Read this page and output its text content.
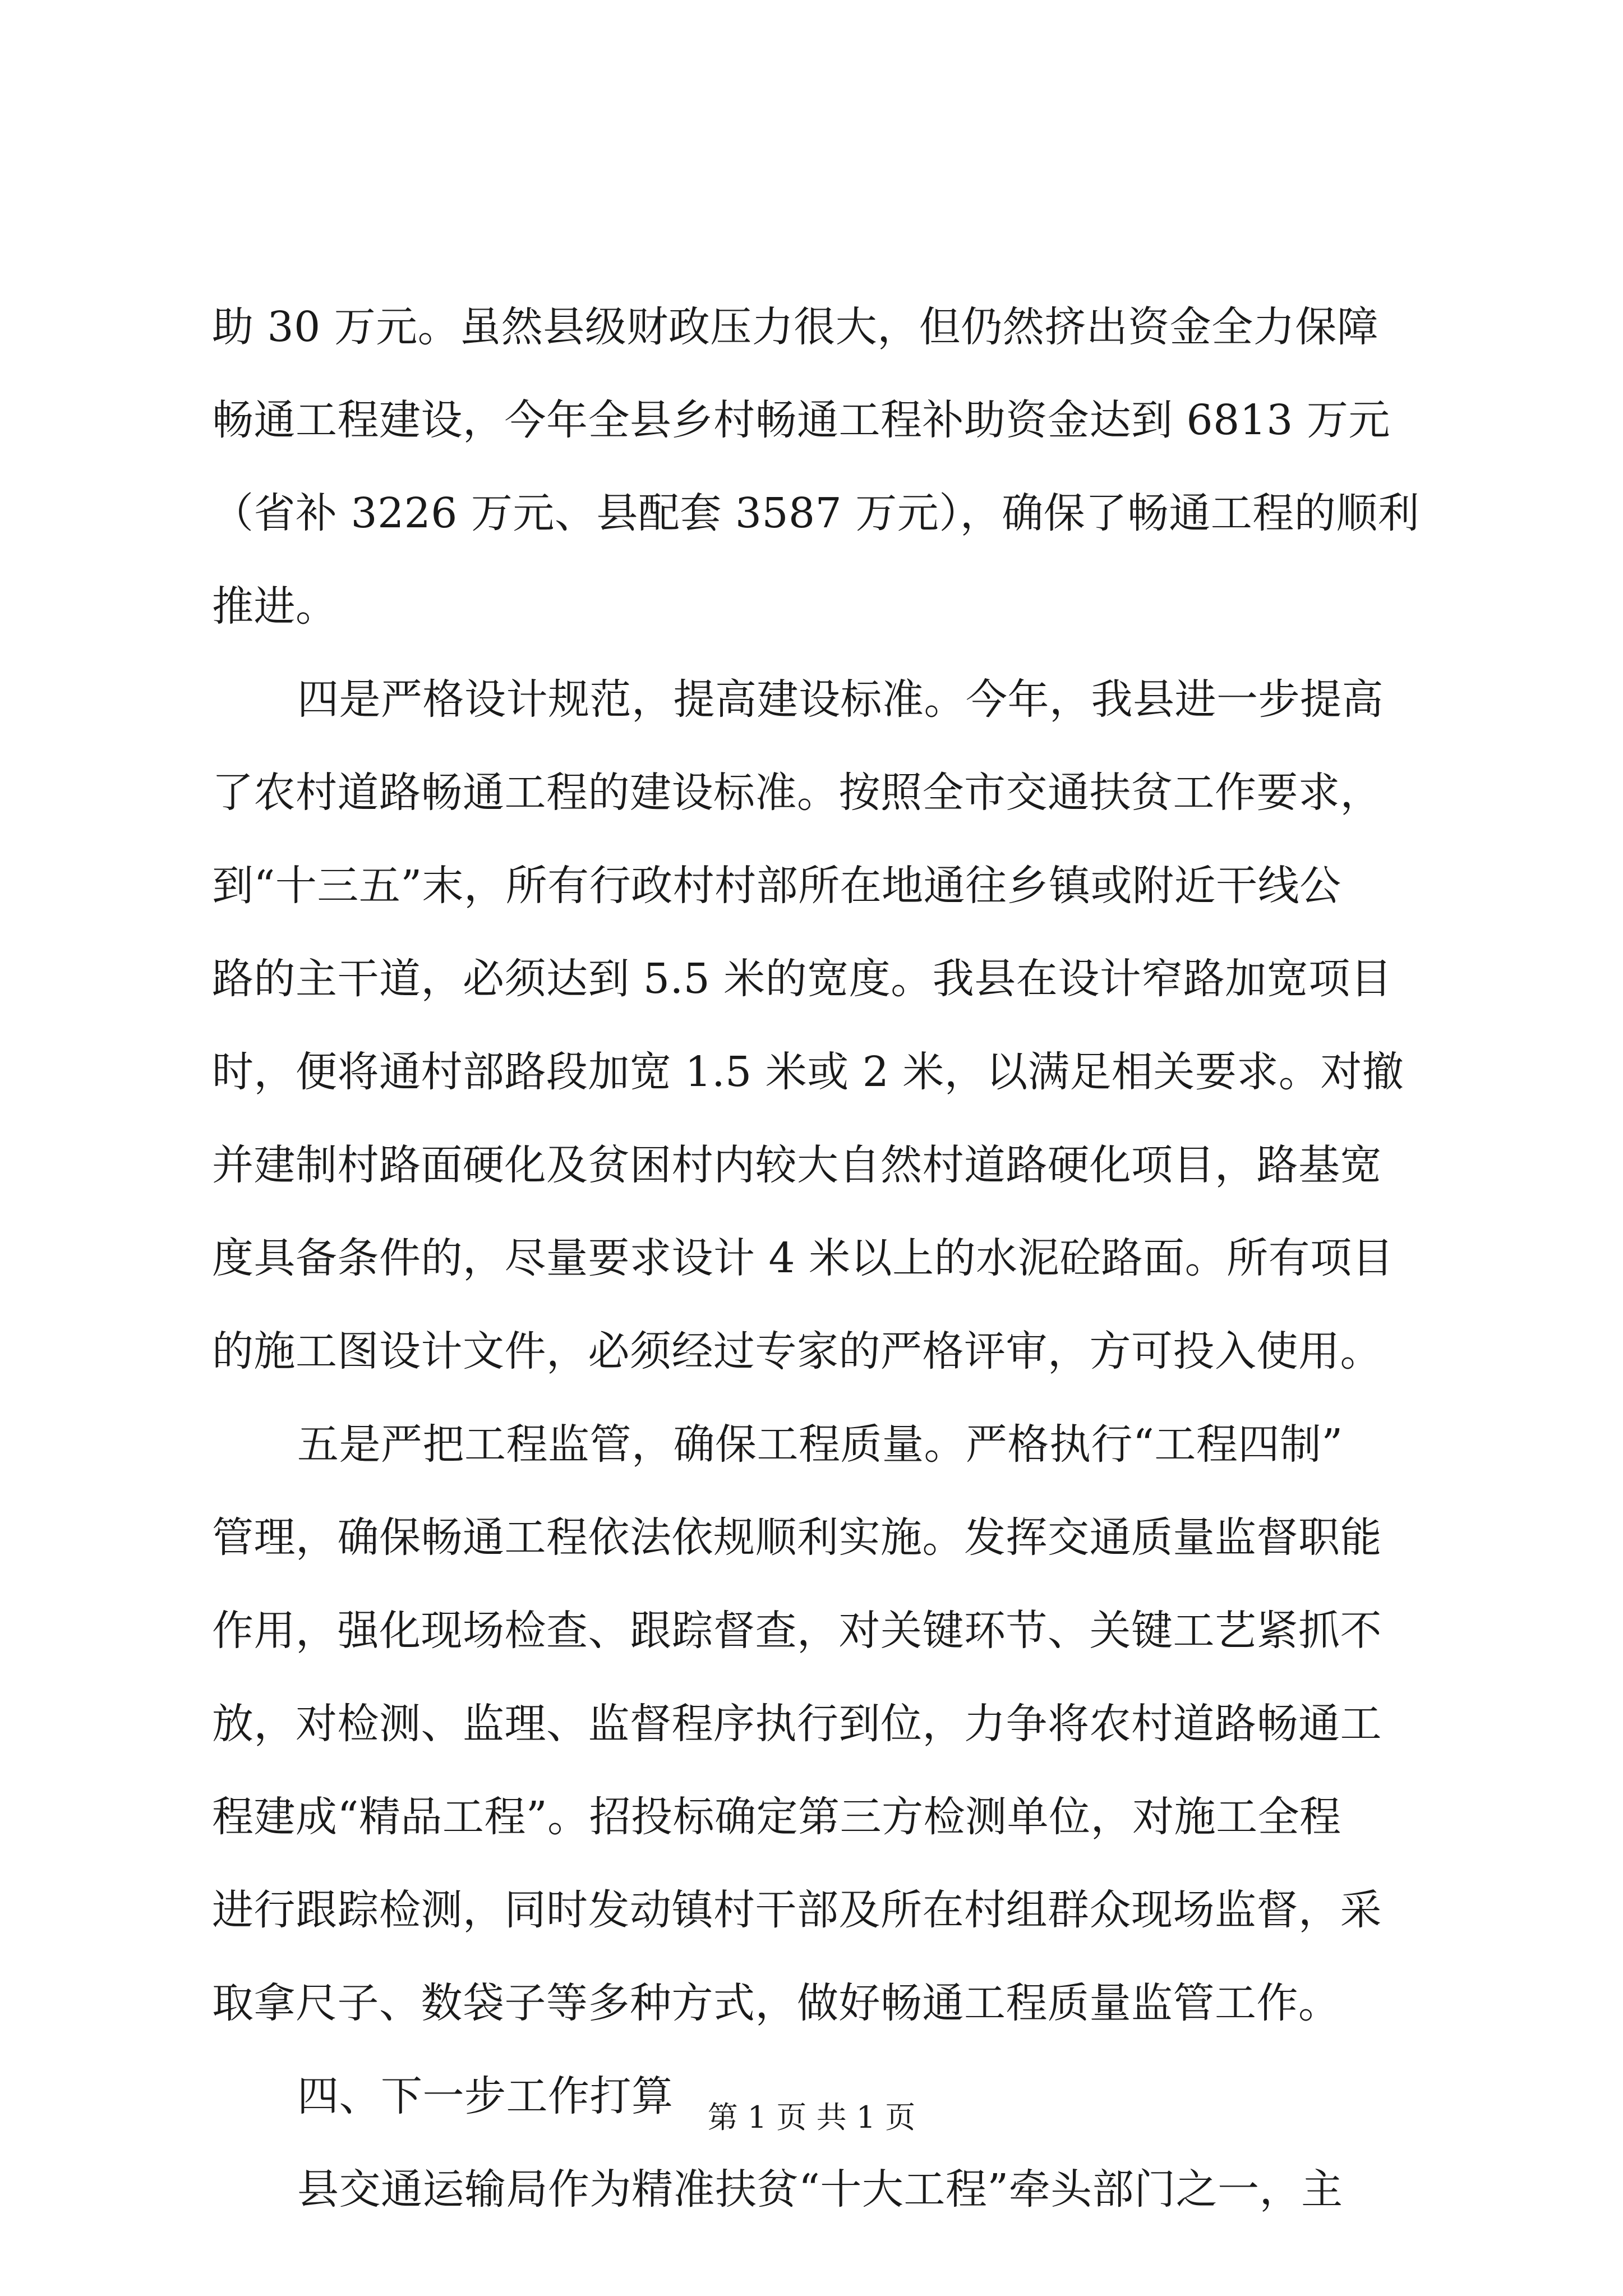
助 30 万元。虽然县级财政压力很大，但仍然挤出资金全力保障
畅通工程建设，今年全县乡村畅通工程补助资金达到 6813 万元
（省补 3226 万元、县配套 3587 万元），确保了畅通工程的顺利
推进。
四是严格设计规范，提高建设标准。今年，我县进一步提高
了农村道路畅通工程的建设标准。按照全市交通扶贫工作要求，
到“十三五”末，所有行政村村部所在地通往乡镇或附近干线公
路的主干道，必须达到 5.5 米的宽度。我县在设计窄路加宽项目
时，便将通村部路段加宽 1.5 米或 2 米，以满足相关要求。对撤
并建制村路面硬化及贫困村内较大自然村道路硬化项目，路基宽
度具备条件的，尽量要求设计 4 米以上的水泥砼路面。所有项目
的施工图设计文件，必须经过专家的严格评审，方可投入使用。
五是严把工程监管，确保工程质量。严格执行“工程四制”
管理，确保畅通工程依法依规顺利实施。发挥交通质量监督职能
作用，强化现场检查、跟踪督查，对关键环节、关键工艺紧抓不
放，对检测、监理、监督程序执行到位，力争将农村道路畅通工
程建成“精品工程”。招投标确定第三方检测单位，对施工全程
进行跟踪检测，同时发动镇村干部及所在村组群众现场监督，采
取拿尺子、数袋子等多种方式，做好畅通工程质量监管工作。
四、下一步工作打算
县交通运输局作为精准扶贫“十大工程”牵头部门之一，主
第 1 页 共 1 页
